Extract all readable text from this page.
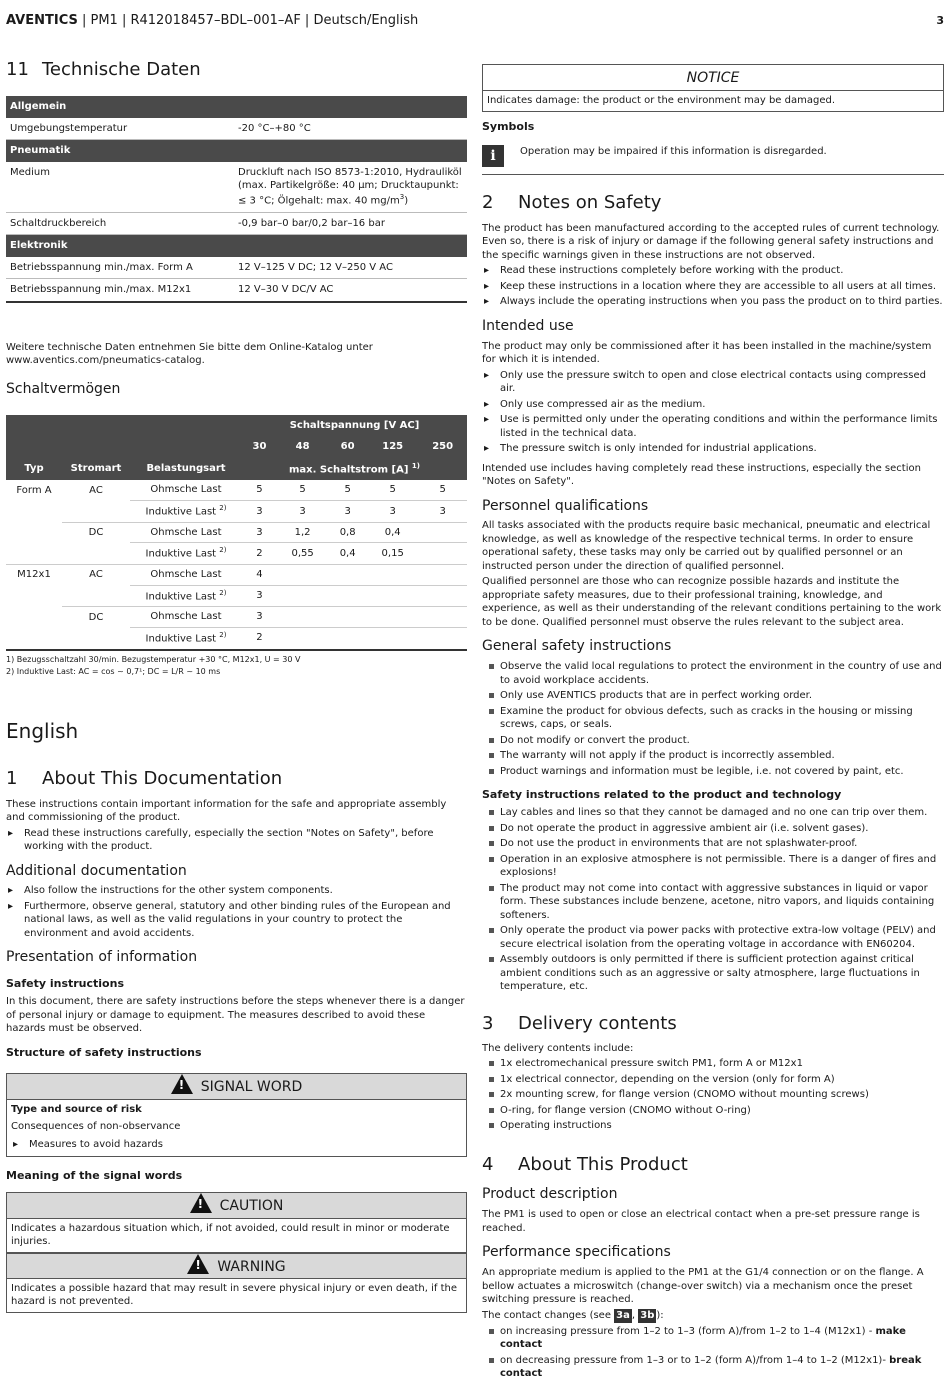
AVENTICS | PM1 | R412018457–BDL–001–AF | Deutsch/English	3
11 Technische Daten
Allgemein	
Umgebungstemperatur	-20 °C–+80 °C
Pneumatik	
Medium	Druckluft nach ISO 8573-1:2010, Hydrauliköl
(max. Partikelgröße: 40 µm; Drucktaupunkt:
≤ 3 °C; Ölgehalt: max. 40 $mg/m^3$)
Schaltdruckbereich	-0,9 bar–0 bar/0,2 bar–16 bar
Elektronik	
Betriebsspannung min./max. Form A	12 V–125 V DC; 12 V–250 V AC
Betriebsspannung min./max. M12x1	12 V–30 V DC/V AC

Weitere technische Daten entnehmen Sie bitte dem Online-Katalog unter www.aventics.com/pneumatics-catalog.

Schaltvermögen
			Schaltspannung [V AC]				
			30	48	60	125	250
Typ	Stromart	Belastungsart	max. Schaltstrom [A] $^{1)}$
Form A	AC	Ohmsche Last	5	5	5	5	5
		Induktive Last $^{2)}$	3	3	3	3	3
	DC	Ohmsche Last	3	1,2	0,8	0,4	
		Induktive Last $^{2)}$	2	0,55	0,4	0,15	
M12x1	AC	Ohmsche Last	4				
		Induktive Last $^{2)}$	3				
	DC	Ohmsche Last	3				
		Induktive Last $^{2)}$	2				

1) Bezugsschaltzahl 30/min. Bezugstemperatur +30 °C, M12x1, U = 30 V

2) Induktive Last: AC = cos ~ 0,7¹; DC = L/R ~ 10 ms

English
1 About This Documentation

These instructions contain important information for the safe and appropriate assembly and commissioning of the product.

▸ Read these instructions carefully, especially the section "Notes on Safety", before working with the product.
Additional documentation
▸ Also follow the instructions for the other system components.
▸ Furthermore, observe general, statutory and other binding rules of the European and national laws, as well as the valid regulations in your country to protect the environment and avoid accidents.
Presentation of information
Safety instructions

In this document, there are safety instructions before the steps whenever there is a danger of personal injury or damage to equipment. The measures described to avoid these hazards must be observed.

Structure of safety instructions
! SIGNAL WORD

Type and source of risk

Consequences of non-observance

▸ Measures to avoid hazards
Meaning of the signal words
! CAUTION
Indicates a hazardous situation which, if not avoided, could result in minor or moderate injuries.
! WARNING
Indicates a possible hazard that may result in severe physical injury or even death, if the hazard is not prevented.
NOTICE
Indicates damage: the product or the environment may be damaged.
Symbols
i	Operation may be impaired if this information is disregarded.
2 Notes on Safety

The product has been manufactured according to the accepted rules of current technology. Even so, there is a risk of injury or damage if the following general safety instructions and the specific warnings given in these instructions are not observed.

▸ Read these instructions completely before working with the product.
▸ Keep these instructions in a location where they are accessible to all users at all times.
▸ Always include the operating instructions when you pass the product on to third parties.
Intended use

The product may only be commissioned after it has been installed in the machine/system for which it is intended.

▸ Only use the pressure switch to open and close electrical contacts using compressed air.
▸ Only use compressed air as the medium.
▸ Use is permitted only under the operating conditions and within the performance limits listed in the technical data.
▸ The pressure switch is only intended for industrial applications.

Intended use includes having completely read these instructions, especially the section "Notes on Safety".

Personnel qualifications

All tasks associated with the products require basic mechanical, pneumatic and electrical knowledge, as well as knowledge of the respective technical terms. In order to ensure operational safety, these tasks may only be carried out by qualified personnel or an instructed person under the direction of qualified personnel.

Qualified personnel are those who can recognize possible hazards and institute the appropriate safety measures, due to their professional training, knowledge, and experience, as well as their understanding of the relevant conditions pertaining to the work to be done. Qualified personnel must observe the rules relevant to the subject area.

General safety instructions
Observe the valid local regulations to protect the environment in the country of use and to avoid workplace accidents.
Only use AVENTICS products that are in perfect working order.
Examine the product for obvious defects, such as cracks in the housing or missing screws, caps, or seals.
Do not modify or convert the product.
The warranty will not apply if the product is incorrectly assembled.
Product warnings and information must be legible, i.e. not covered by paint, etc.
Safety instructions related to the product and technology
Lay cables and lines so that they cannot be damaged and no one can trip over them.
Do not operate the product in aggressive ambient air (i.e. solvent gases).
Do not use the product in environments that are not splashwater-proof.
Operation in an explosive atmosphere is not permissible. There is a danger of fires and explosions!
The product may not come into contact with aggressive substances in liquid or vapor form. These substances include benzene, acetone, nitro vapors, and liquids containing softeners.
Only operate the product via power packs with protective extra-low voltage (PELV) and secure electrical isolation from the operating voltage in accordance with EN60204.
Assembly outdoors is only permitted if there is sufficient protection against critical ambient conditions such as an aggressive or salty atmosphere, large fluctuations in temperature, etc.
3 Delivery contents

The delivery contents include:

1x electromechanical pressure switch PM1, form A or M12x1
1x electrical connector, depending on the version (only for form A)
2x mounting screw, for flange version (CNOMO without mounting screws)
O-ring, for flange version (CNOMO without O-ring)
Operating instructions
4 About This Product
Product description

The PM1 is used to open or close an electrical contact when a pre-set pressure range is reached.

Performance specifications

An appropriate medium is applied to the PM1 at the G1/4 connection or on the flange. A bellow actuates a microswitch (change-over switch) via a mechanism once the preset switching pressure is reached.

The contact changes (see 3a , 3b ):

on increasing pressure from 1–2 to 1–3 (form A)/from 1–2 to 1–4 (M12x1) - make contact
on decreasing pressure from 1–3 or to 1–2 (form A)/from 1–4 to 1–2 (M12x1)- break contact
